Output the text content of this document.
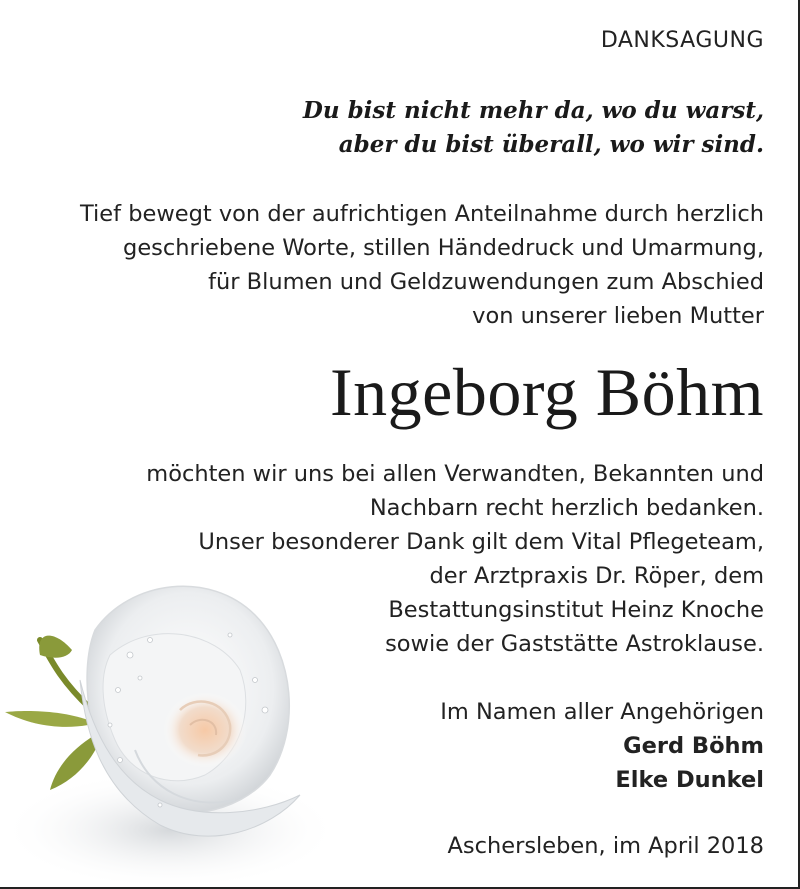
DANKSAGUNG
Du bist nicht mehr da, wo du warst,
aber du bist überall, wo wir sind.
Tief bewegt von der aufrichtigen Anteilnahme durch herzlich
geschriebene Worte, stillen Händedruck und Umarmung,
für Blumen und Geldzuwendungen zum Abschied
von unserer lieben Mutter
Ingeborg Böhm
möchten wir uns bei allen Verwandten, Bekannten und
Nachbarn recht herzlich bedanken.
Unser besonderer Dank gilt dem Vital Pflegeteam,
der Arztpraxis Dr. Röper, dem
Bestattungsinstitut Heinz Knoche
sowie der Gaststätte Astroklause.
Im Namen aller Angehörigen
Gerd Böhm
Elke Dunkel
Aschersleben, im April 2018
